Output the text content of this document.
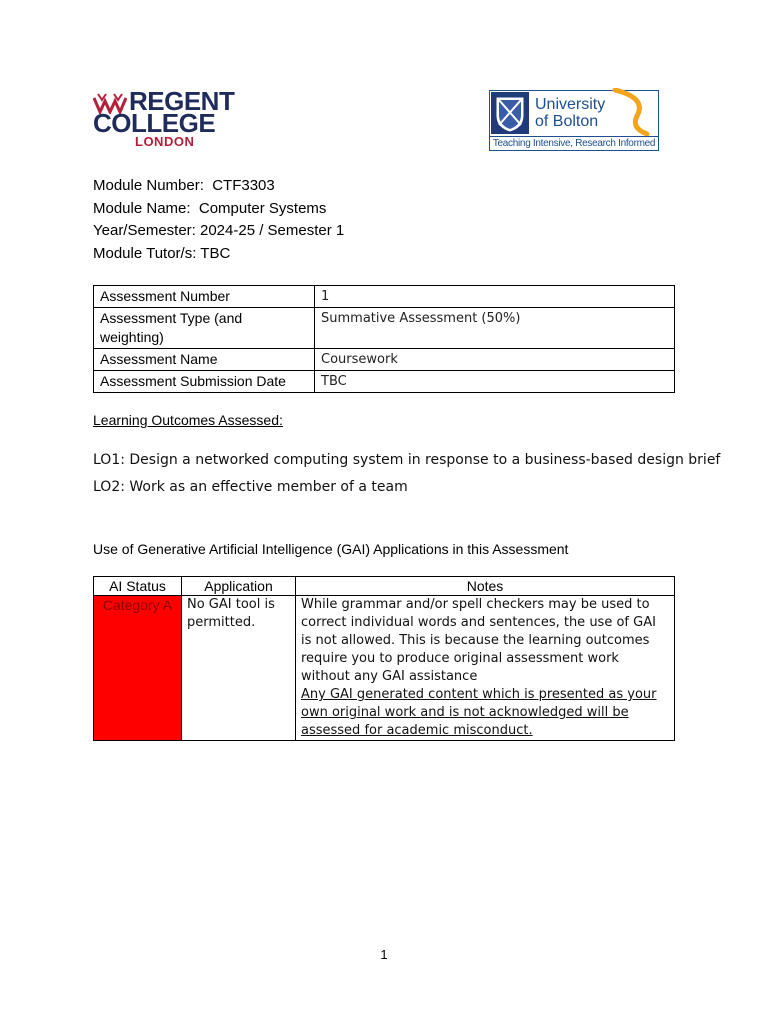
REGENT
COLLEGE
LONDON
University
of Bolton
Teaching Intensive, Research Informed
Module Number:  CTF3303
Module Name:  Computer Systems
Year/Semester: 2024-25 / Semester 1
Module Tutor/s: TBC
Assessment Number	1
Assessment Type (and weighting)	Summative Assessment (50%)
Assessment Name	Coursework
Assessment Submission Date	TBC
Learning Outcomes Assessed:
LO1: Design a networked computing system in response to a business-based design brief
LO2: Work as an effective member of a team
Use of Generative Artificial Intelligence (GAI) Applications in this Assessment
AI Status	Application	Notes
Category A	No GAI tool is permitted.	While grammar and/or spell checkers may be used to correct individual words and sentences, the use of GAI is not allowed. This is because the learning outcomes require you to produce original assessment work without any GAI assistance
Any GAI generated content which is presented as your own original work and is not acknowledged will be assessed for academic misconduct.
1
